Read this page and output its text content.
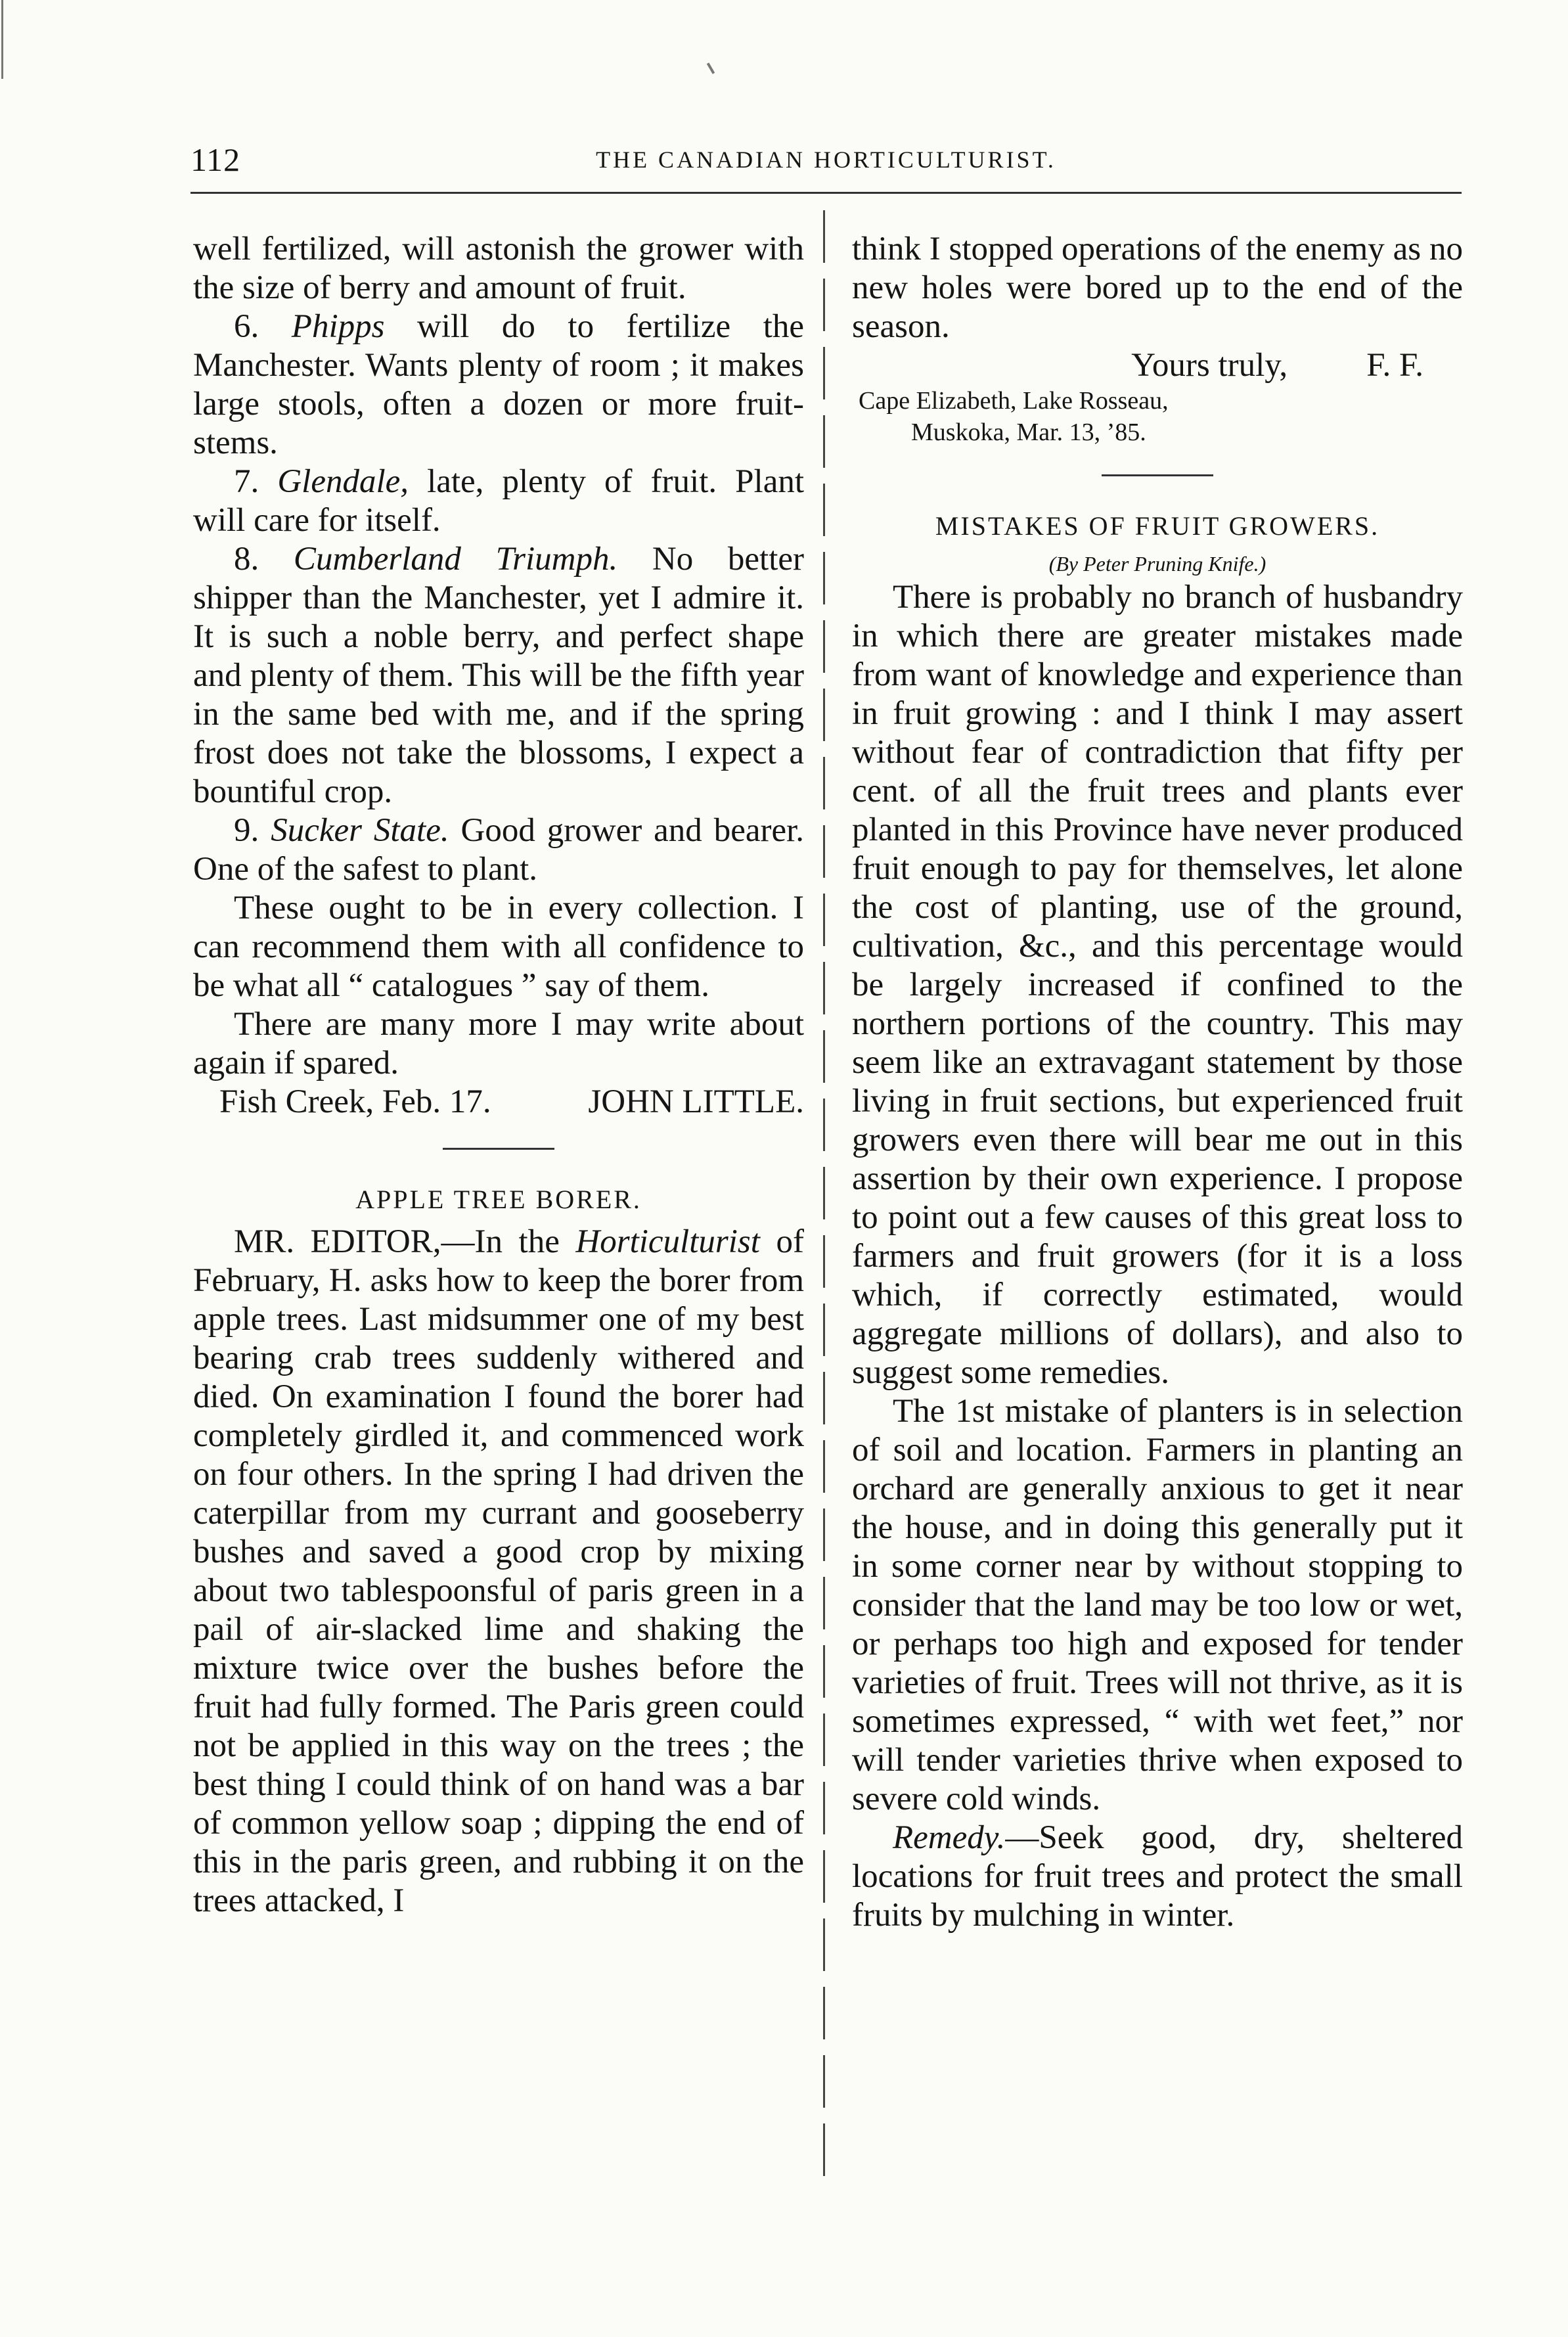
112	THE CANADIAN HORTICULTURIST.

well fertilized, will astonish the grower with the size of berry and amount of fruit.

6. Phipps will do to fertilize the Manchester. Wants plenty of room ; it makes large stools, often a dozen or more fruit-stems.

7. Glendale, late, plenty of fruit. Plant will care for itself.

8. Cumberland Triumph. No better shipper than the Manchester, yet I admire it. It is such a noble berry, and perfect shape and plenty of them. This will be the fifth year in the same bed with me, and if the spring frost does not take the blossoms, I expect a bountiful crop.

9. Sucker State. Good grower and bearer. One of the safest to plant.

These ought to be in every collection. I can recommend them with all confidence to be what all “ catalogues ” say of them.

There are many more I may write about again if spared.

Fish Creek, Feb. 17.	JOHN LITTLE.
APPLE TREE BORER.

MR. EDITOR,—In the Horticulturist of February, H. asks how to keep the borer from apple trees. Last midsummer one of my best bearing crab trees suddenly withered and died. On examination I found the borer had completely girdled it, and commenced work on four others. In the spring I had driven the caterpillar from my currant and gooseberry bushes and saved a good crop by mixing about two tablespoonsful of paris green in a pail of air-slacked lime and shaking the mixture twice over the bushes before the fruit had fully formed. The Paris green could not be applied in this way on the trees ; the best thing I could think of on hand was a bar of common yellow soap ; dipping the end of this in the paris green, and rubbing it on the trees attacked, I

think I stopped operations of the enemy as no new holes were bored up to the end of the season.

Yours truly, F. F.
Cape Elizabeth, Lake Rosseau,
Muskoka, Mar. 13, ’85.
MISTAKES OF FRUIT GROWERS.
(By Peter Pruning Knife.)

There is probably no branch of husbandry in which there are greater mistakes made from want of knowledge and experience than in fruit growing : and I think I may assert without fear of contradiction that fifty per cent. of all the fruit trees and plants ever planted in this Province have never produced fruit enough to pay for themselves, let alone the cost of planting, use of the ground, cultivation, &c., and this percentage would be largely increased if confined to the northern portions of the country. This may seem like an extravagant statement by those living in fruit sections, but experienced fruit growers even there will bear me out in this assertion by their own experience. I propose to point out a few causes of this great loss to farmers and fruit growers (for it is a loss which, if correctly estimated, would aggregate millions of dollars), and also to suggest some remedies.

The 1st mistake of planters is in selection of soil and location. Farmers in planting an orchard are generally anxious to get it near the house, and in doing this generally put it in some corner near by without stopping to consider that the land may be too low or wet, or perhaps too high and exposed for tender varieties of fruit. Trees will not thrive, as it is sometimes expressed, “ with wet feet,” nor will tender varieties thrive when exposed to severe cold winds.

Remedy.—Seek good, dry, sheltered locations for fruit trees and protect the small fruits by mulching in winter.
